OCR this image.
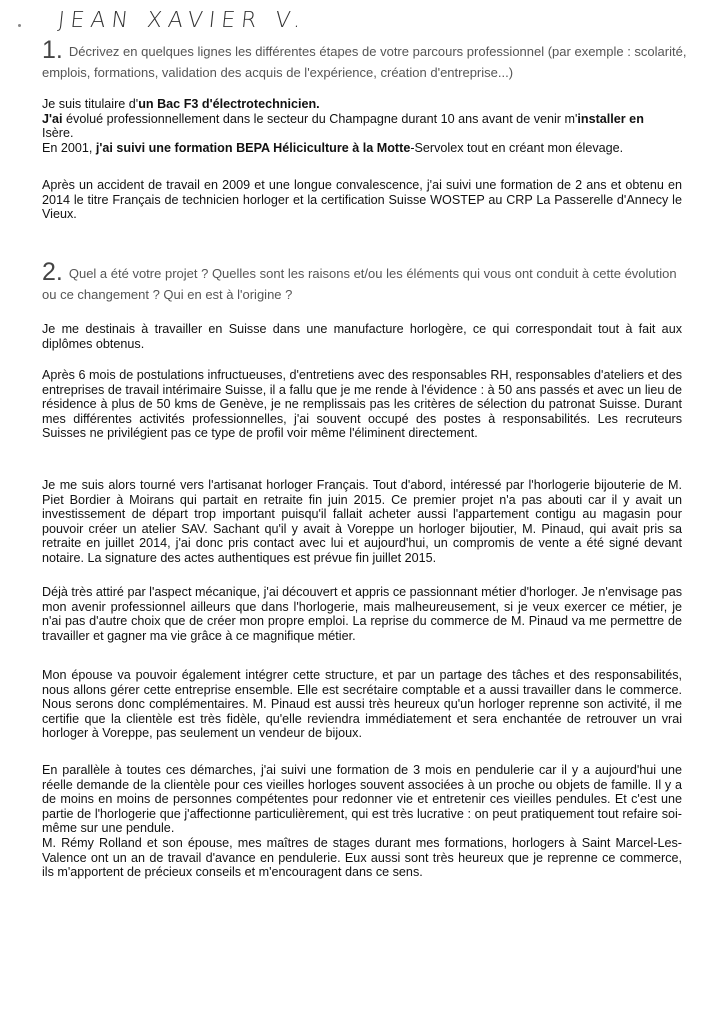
JEAN XAVIER V.
1. Décrivez en quelques lignes les différentes étapes de votre parcours professionnel (par exemple : scolarité, emplois, formations, validation des acquis de l'expérience, création d'entreprise...)

Je suis titulaire d'un Bac F3 d'électrotechnicien.

J'ai évolué professionnellement dans le secteur du Champagne durant 10 ans avant de venir m'installer en

Isère.

En 2001, j'ai suivi une formation BEPA Héliciculture à la Motte-Servolex tout en créant mon élevage.

Après un accident de travail en 2009 et une longue convalescence, j'ai suivi une formation de 2 ans et obtenu en 2014 le titre Français de technicien horloger et la certification Suisse WOSTEP au CRP La Passerelle d'Annecy le Vieux.

2. Quel a été votre projet ? Quelles sont les raisons et/ou les éléments qui vous ont conduit à cette évolution ou ce changement ? Qui en est à l'origine ?

Je me destinais à travailler en Suisse dans une manufacture horlogère, ce qui correspondait tout à fait aux diplômes obtenus.

Après 6 mois de postulations infructueuses, d'entretiens avec des responsables RH, responsables d'ateliers et des entreprises de travail intérimaire Suisse, il a fallu que je me rende à l'évidence : à 50 ans passés et avec un lieu de résidence à plus de 50 kms de Genève, je ne remplissais pas les critères de sélection du patronat Suisse. Durant mes différentes activités professionnelles, j'ai souvent occupé des postes à responsabilités. Les recruteurs Suisses ne privilégient pas ce type de profil voir même l'éliminent directement.

Je me suis alors tourné vers l'artisanat horloger Français. Tout d'abord, intéressé par l'horlogerie bijouterie de M. Piet Bordier à Moirans qui partait en retraite fin juin 2015. Ce premier projet n'a pas abouti car il y avait un investissement de départ trop important puisqu'il fallait acheter aussi l'appartement contigu au magasin pour pouvoir créer un atelier SAV. Sachant qu'il y avait à Voreppe un horloger bijoutier, M. Pinaud, qui avait pris sa retraite en juillet 2014, j'ai donc pris contact avec lui et aujourd'hui, un compromis de vente a été signé devant notaire. La signature des actes authentiques est prévue fin juillet 2015.

Déjà très attiré par l'aspect mécanique, j'ai découvert et appris ce passionnant métier d'horloger. Je n'envisage pas mon avenir professionnel ailleurs que dans l'horlogerie, mais malheureusement, si je veux exercer ce métier, je n'ai pas d'autre choix que de créer mon propre emploi. La reprise du commerce de M. Pinaud va me permettre de travailler et gagner ma vie grâce à ce magnifique métier.

Mon épouse va pouvoir également intégrer cette structure, et par un partage des tâches et des responsabilités, nous allons gérer cette entreprise ensemble. Elle est secrétaire comptable et a aussi travailler dans le commerce. Nous serons donc complémentaires. M. Pinaud est aussi très heureux qu'un horloger reprenne son activité, il me certifie que la clientèle est très fidèle, qu'elle reviendra immédiatement et sera enchantée de retrouver un vrai horloger à Voreppe, pas seulement un vendeur de bijoux.

En parallèle à toutes ces démarches, j'ai suivi une formation de 3 mois en pendulerie car il y a aujourd'hui une réelle demande de la clientèle pour ces vieilles horloges souvent associées à un proche ou objets de famille. Il y a de moins en moins de personnes compétentes pour redonner vie et entretenir ces vieilles pendules. Et c'est une partie de l'horlogerie que j'affectionne particulièrement, qui est très lucrative : on peut pratiquement tout refaire soi-même sur une pendule.

M. Rémy Rolland et son épouse, mes maîtres de stages durant mes formations, horlogers à Saint Marcel-Les-Valence ont un an de travail d'avance en pendulerie. Eux aussi sont très heureux que je reprenne ce commerce, ils m'apportent de précieux conseils et m'encouragent dans ce sens.
